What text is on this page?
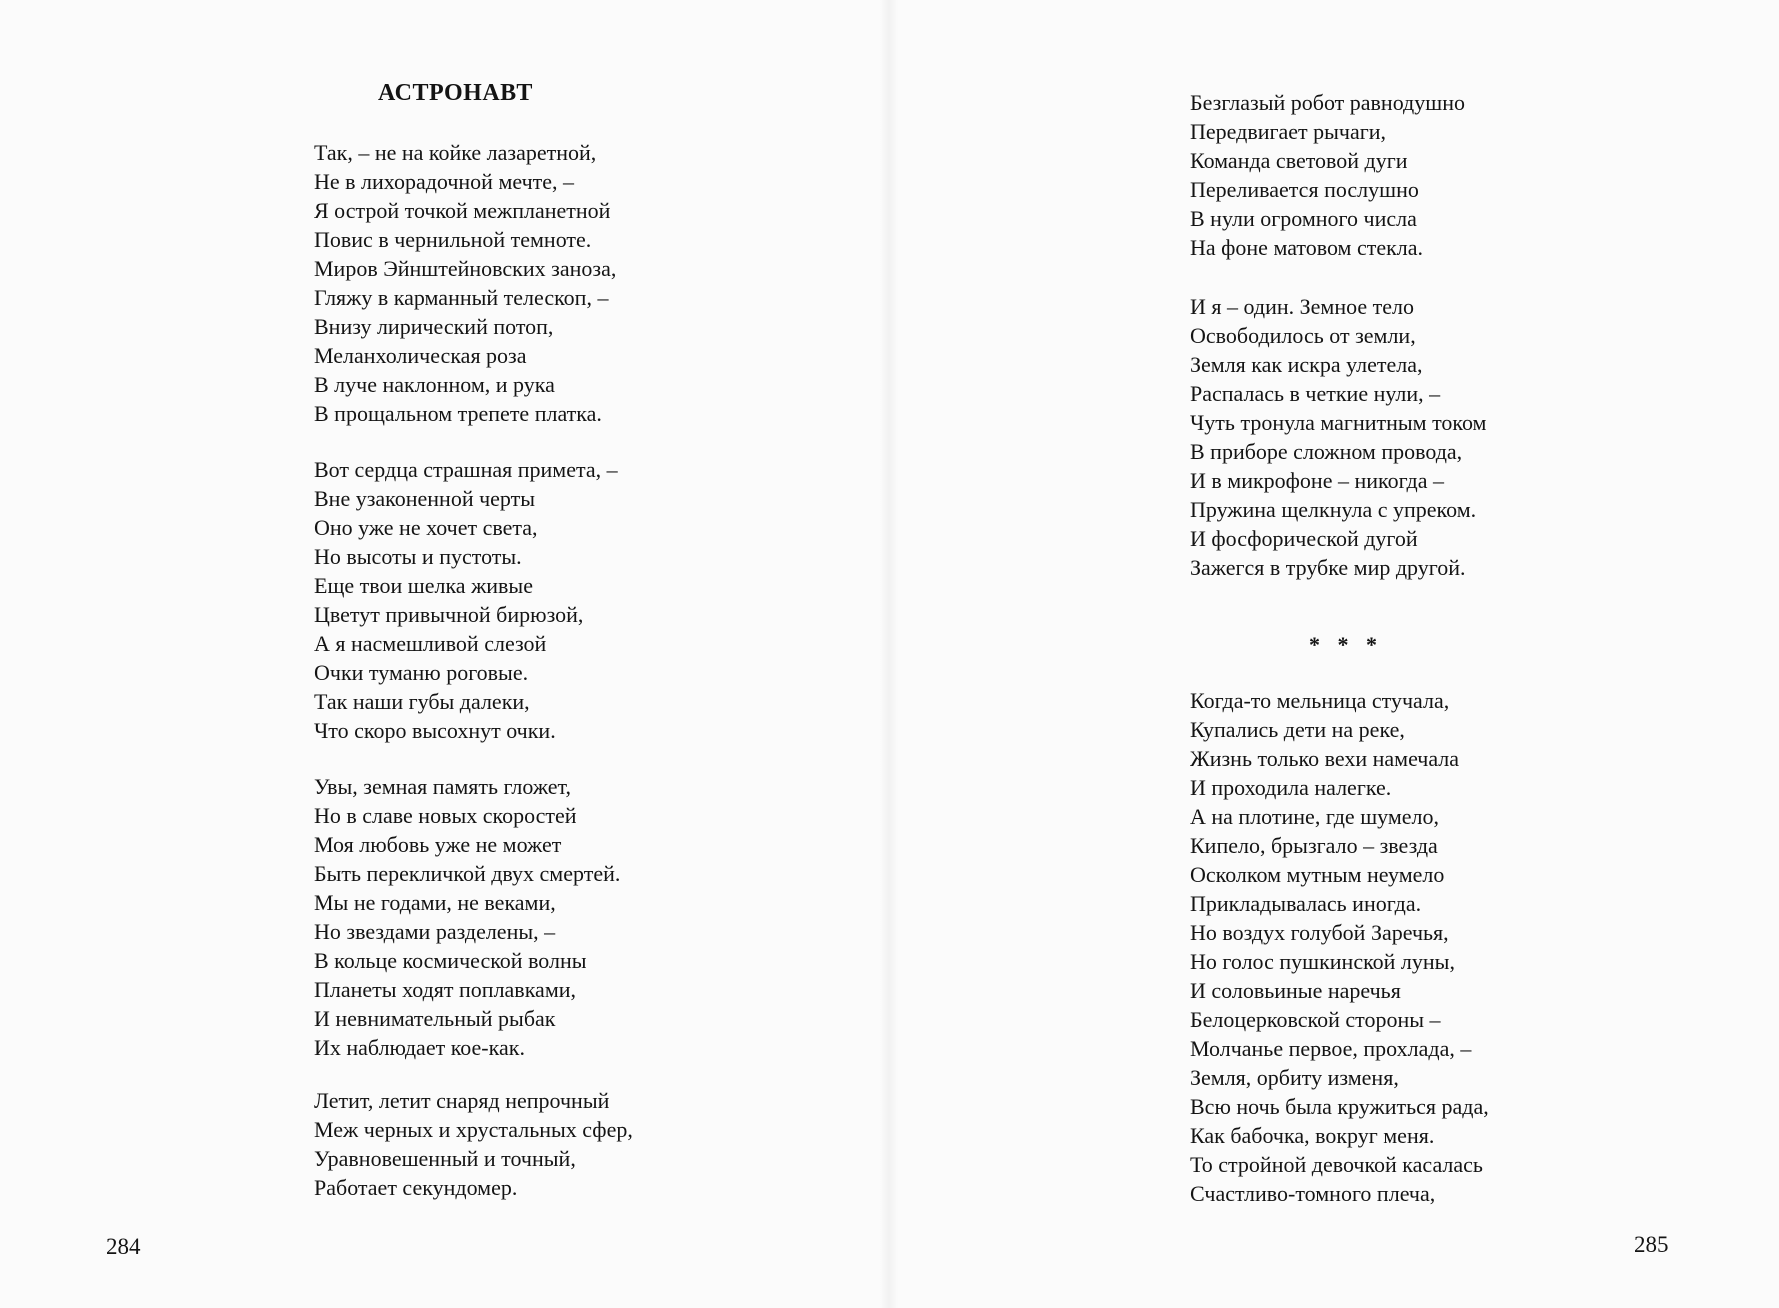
АСТРОНАВТ
Так, – не на койке лазаретной,
Не в лихорадочной мечте, –
Я острой точкой межпланетной
Повис в чернильной темноте.
Миров Эйнштейновских заноза,
Гляжу в карманный телескоп, –
Внизу лирический потоп,
Меланхолическая роза
В луче наклонном, и рука
В прощальном трепете платка.
Вот сердца страшная примета, –
Вне узаконенной черты
Оно уже не хочет света,
Но высоты и пустоты.
Еще твои шелка живые
Цветут привычной бирюзой,
А я насмешливой слезой
Очки туманю роговые.
Так наши губы далеки,
Что скоро высохнут очки.
Увы, земная память гложет,
Но в славе новых скоростей
Моя любовь уже не может
Быть перекличкой двух смертей.
Мы не годами, не веками,
Но звездами разделены, –
В кольце космической волны
Планеты ходят поплавками,
И невнимательный рыбак
Их наблюдает кое-как.
Летит, летит снаряд непрочный
Меж черных и хрустальных сфер,
Уравновешенный и точный,
Работает секундомер.
284
Безглазый робот равнодушно
Передвигает рычаги,
Команда световой дуги
Переливается послушно
В нули огромного числа
На фоне матовом стекла.
И я – один. Земное тело
Освободилось от земли,
Земля как искра улетела,
Распалась в четкие нули, –
Чуть тронула магнитным током
В приборе сложном провода,
И в микрофоне – никогда –
Пружина щелкнула с упреком.
И фосфорической дугой
Зажегся в трубке мир другой.
* * *
Когда-то мельница стучала,
Купались дети на реке,
Жизнь только вехи намечала
И проходила налегке.
А на плотине, где шумело,
Кипело, брызгало – звезда
Осколком мутным неумело
Прикладывалась иногда.
Но воздух голубой Заречья,
Но голос пушкинской луны,
И соловьиные наречья
Белоцерковской стороны –
Молчанье первое, прохлада, –
Земля, орбиту изменя,
Всю ночь была кружиться рада,
Как бабочка, вокруг меня.
То стройной девочкой касалась
Счастливо-томного плеча,
285
